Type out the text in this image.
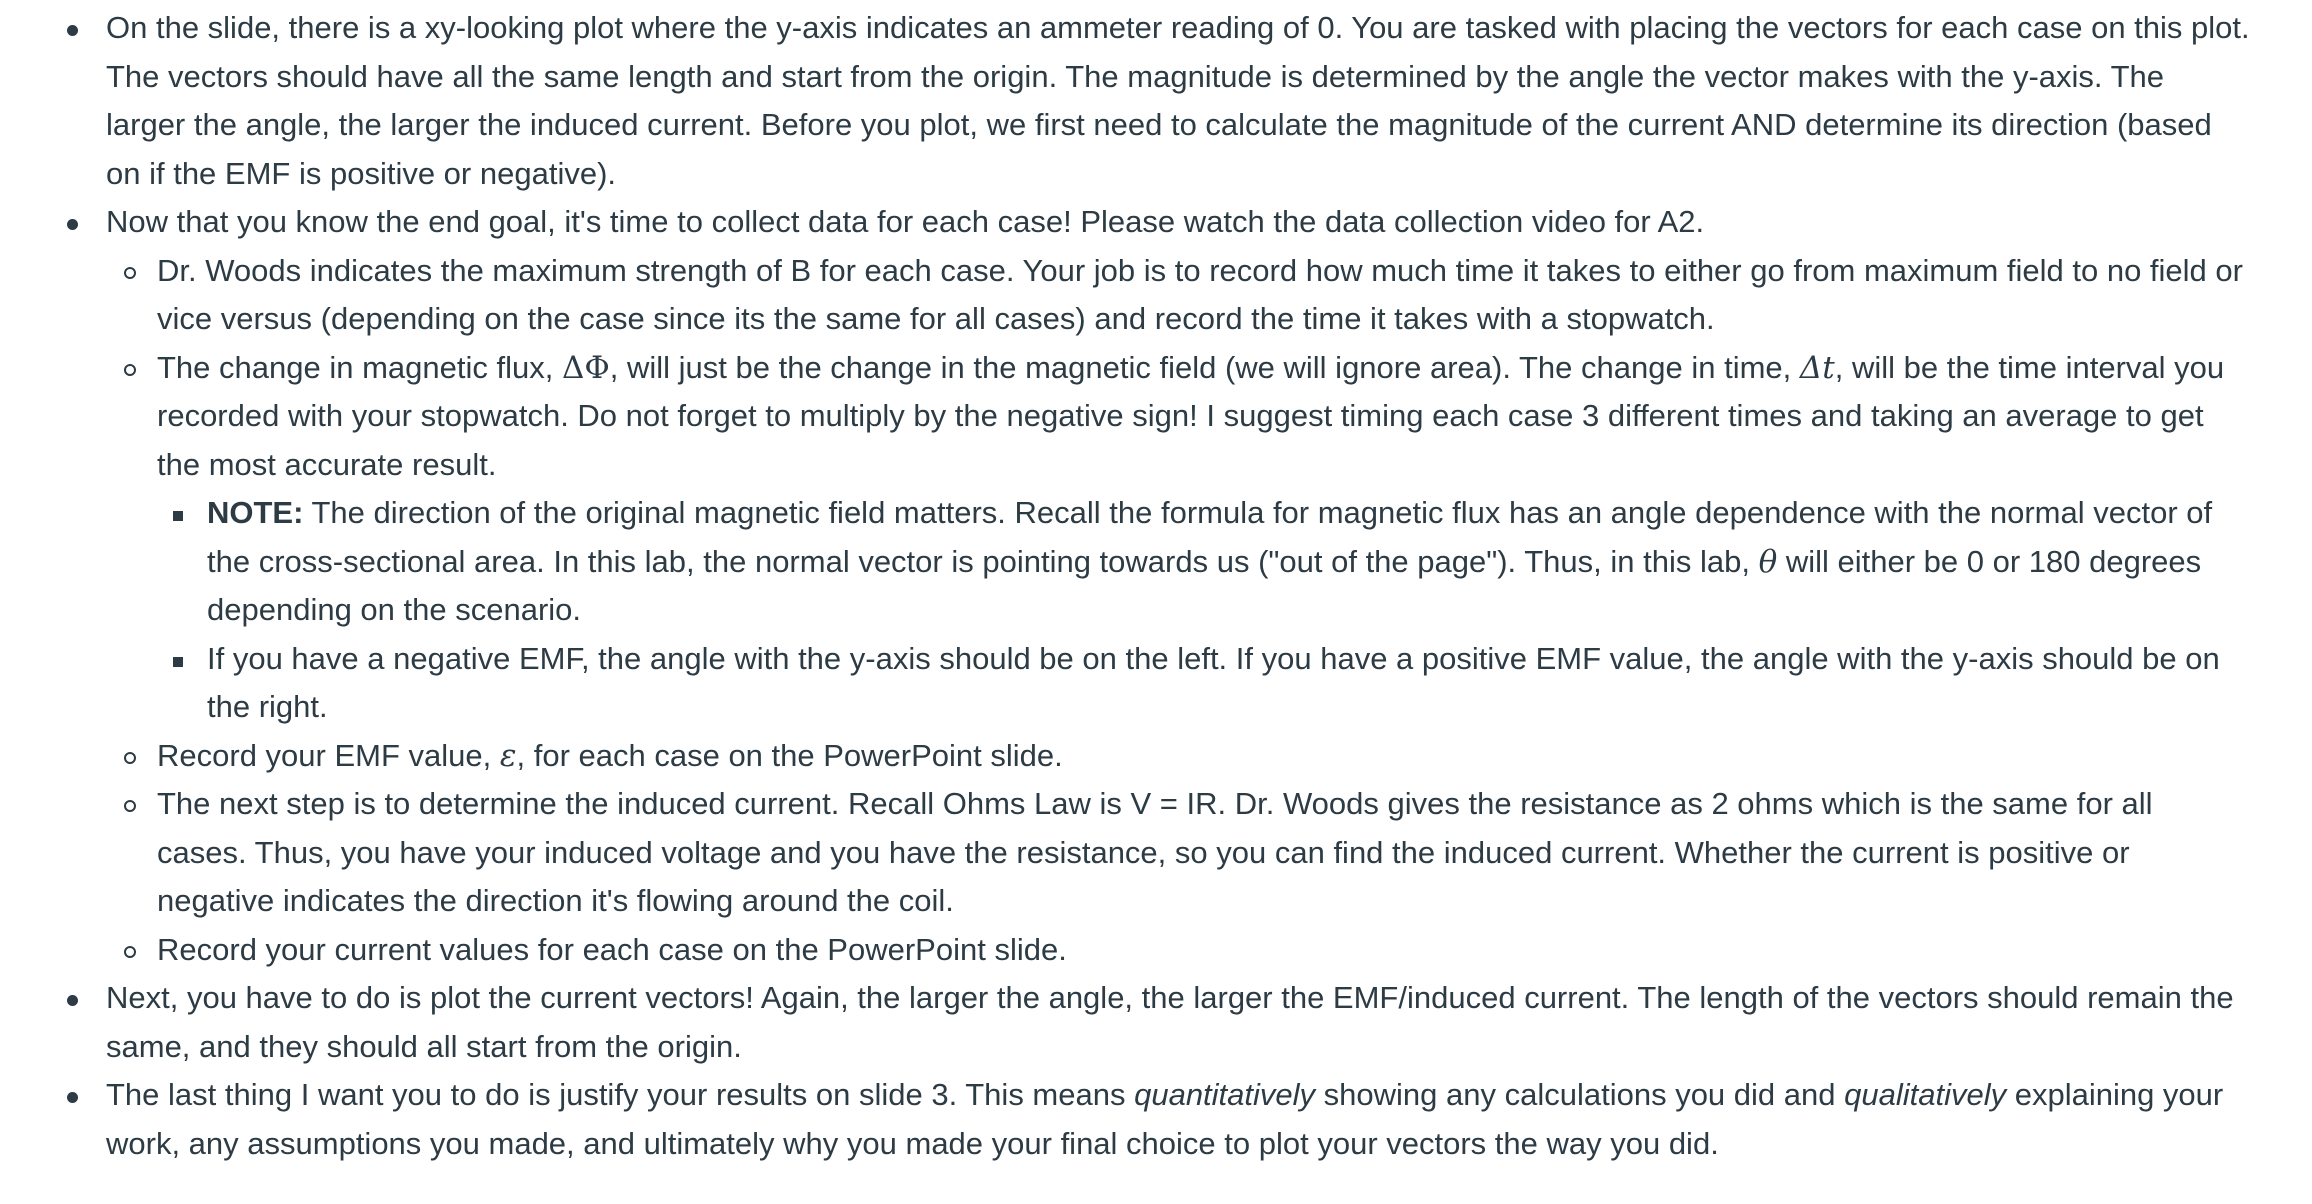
On the slide, there is a xy-looking plot where the y-axis indicates an ammeter reading of 0. You are tasked with placing the vectors for each case on this plot. The vectors should have all the same length and start from the origin. The magnitude is determined by the angle the vector makes with the y-axis. The larger the angle, the larger the induced current. Before you plot, we first need to calculate the magnitude of the current AND determine its direction (based on if the EMF is positive or negative).
Now that you know the end goal, it's time to collect data for each case! Please watch the data collection video for A2.
Dr. Woods indicates the maximum strength of B for each case. Your job is to record how much time it takes to either go from maximum field to no field or vice versus (depending on the case since its the same for all cases) and record the time it takes with a stopwatch.
The change in magnetic flux, ΔΦ, will just be the change in the magnetic field (we will ignore area). The change in time, Δt, will be the time interval you recorded with your stopwatch. Do not forget to multiply by the negative sign! I suggest timing each case 3 different times and taking an average to get the most accurate result.
NOTE: The direction of the original magnetic field matters. Recall the formula for magnetic flux has an angle dependence with the normal vector of the cross-sectional area. In this lab, the normal vector is pointing towards us ("out of the page"). Thus, in this lab, θ will either be 0 or 180 degrees depending on the scenario.
If you have a negative EMF, the angle with the y-axis should be on the left. If you have a positive EMF value, the angle with the y-axis should be on the right.
Record your EMF value, ε, for each case on the PowerPoint slide.
The next step is to determine the induced current. Recall Ohms Law is V = IR. Dr. Woods gives the resistance as 2 ohms which is the same for all cases. Thus, you have your induced voltage and you have the resistance, so you can find the induced current. Whether the current is positive or negative indicates the direction it's flowing around the coil.
Record your current values for each case on the PowerPoint slide.
Next, you have to do is plot the current vectors! Again, the larger the angle, the larger the EMF/induced current. The length of the vectors should remain the same, and they should all start from the origin.
The last thing I want you to do is justify your results on slide 3. This means quantitatively showing any calculations you did and qualitatively explaining your work, any assumptions you made, and ultimately why you made your final choice to plot your vectors the way you did.
